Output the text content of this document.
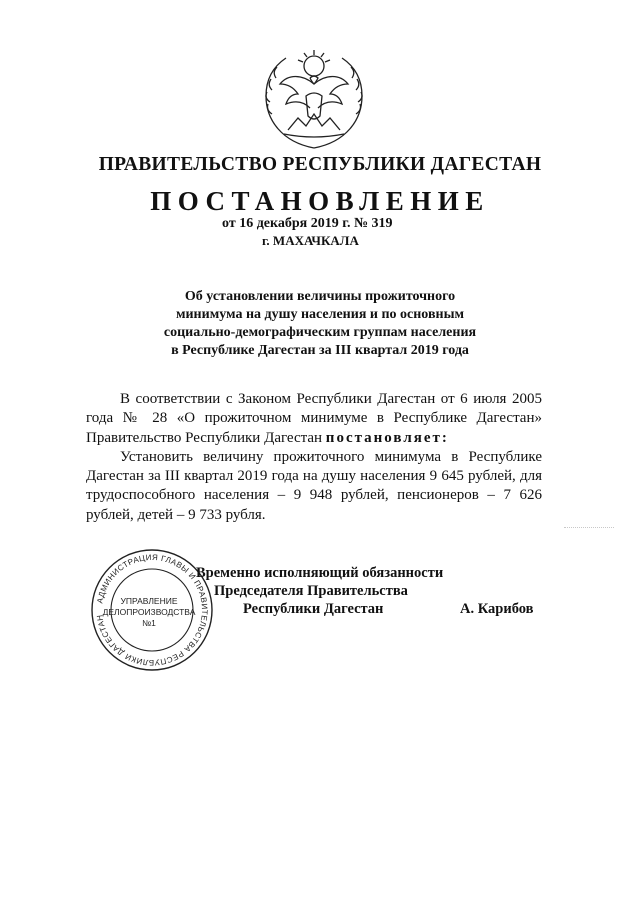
ПРАВИТЕЛЬСТВО РЕСПУБЛИКИ ДАГЕСТАН
ПОСТАНОВЛЕНИЕ
от 16 декабря 2019 г. № 319
г. МАХАЧКАЛА
Об установлении величины прожиточного
минимума на душу населения и по основным
социально-демографическим группам населения
в Республике Дагестан за III квартал 2019 года

В соответствии с Законом Республики Дагестан от 6 июля 2005 года № 28 «О прожиточном минимуме в Республике Дагестан» Правительство Республики Дагестан постановляет:

Установить величину прожиточного минимума в Республике Дагестан за III квартал 2019 года на душу населения 9 645 рублей, для трудоспособного населения – 9 948 рублей, пенсионеров – 7 626 рублей, детей – 9 733 рубля.

АДМИНИСТРАЦИЯ ГЛАВЫ И ПРАВИТЕЛЬСТВА РЕСПУБЛИКИ ДАГЕСТАН
УПРАВЛЕНИЕ
ДЕЛОПРОИЗВОДСТВА
№1
Временно исполняющий обязанности
Председателя Правительства
Республики Дагестан	А. Карибов
